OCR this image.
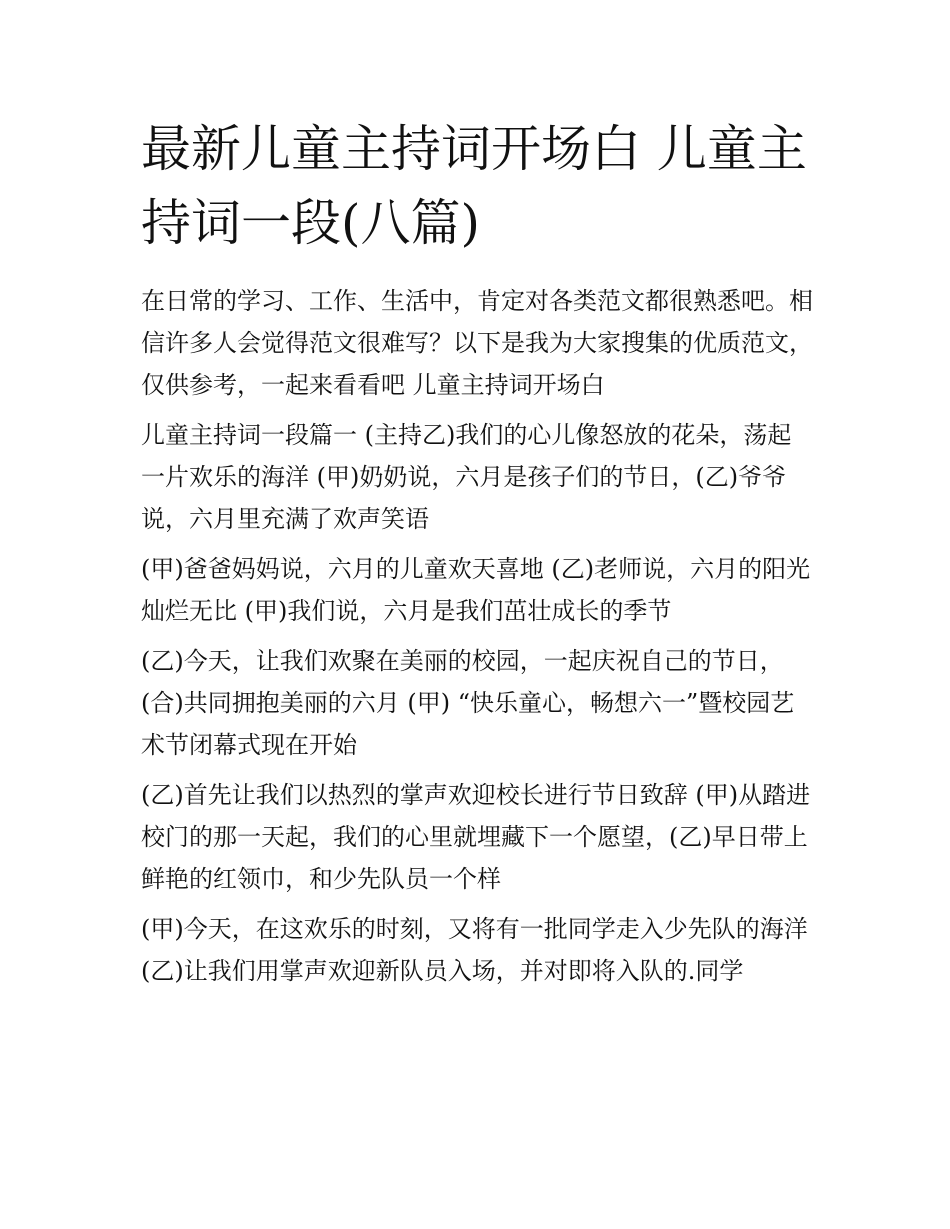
最新儿童主持词开场白 儿童主持词一段(八篇)

在日常的学习、工作、生活中，肯定对各类范文都很熟悉吧。相信许多人会觉得范文很难写？以下是我为大家搜集的优质范文，仅供参考，一起来看看吧 儿童主持词开场白

儿童主持词一段篇一 (主持乙)我们的心儿像怒放的花朵，荡起一片欢乐的海洋 (甲)奶奶说，六月是孩子们的节日，(乙)爷爷说，六月里充满了欢声笑语

(甲)爸爸妈妈说，六月的儿童欢天喜地 (乙)老师说，六月的阳光灿烂无比 (甲)我们说，六月是我们茁壮成长的季节

(乙)今天，让我们欢聚在美丽的校园，一起庆祝自己的节日，(合)共同拥抱美丽的六月 (甲) “快乐童心，畅想六一”暨校园艺术节闭幕式现在开始

(乙)首先让我们以热烈的掌声欢迎校长进行节日致辞 (甲)从踏进校门的那一天起，我们的心里就埋藏下一个愿望，(乙)早日带上鲜艳的红领巾，和少先队员一个样

(甲)今天，在这欢乐的时刻，又将有一批同学走入少先队的海洋 (乙)让我们用掌声欢迎新队员入场，并对即将入队的.同学
